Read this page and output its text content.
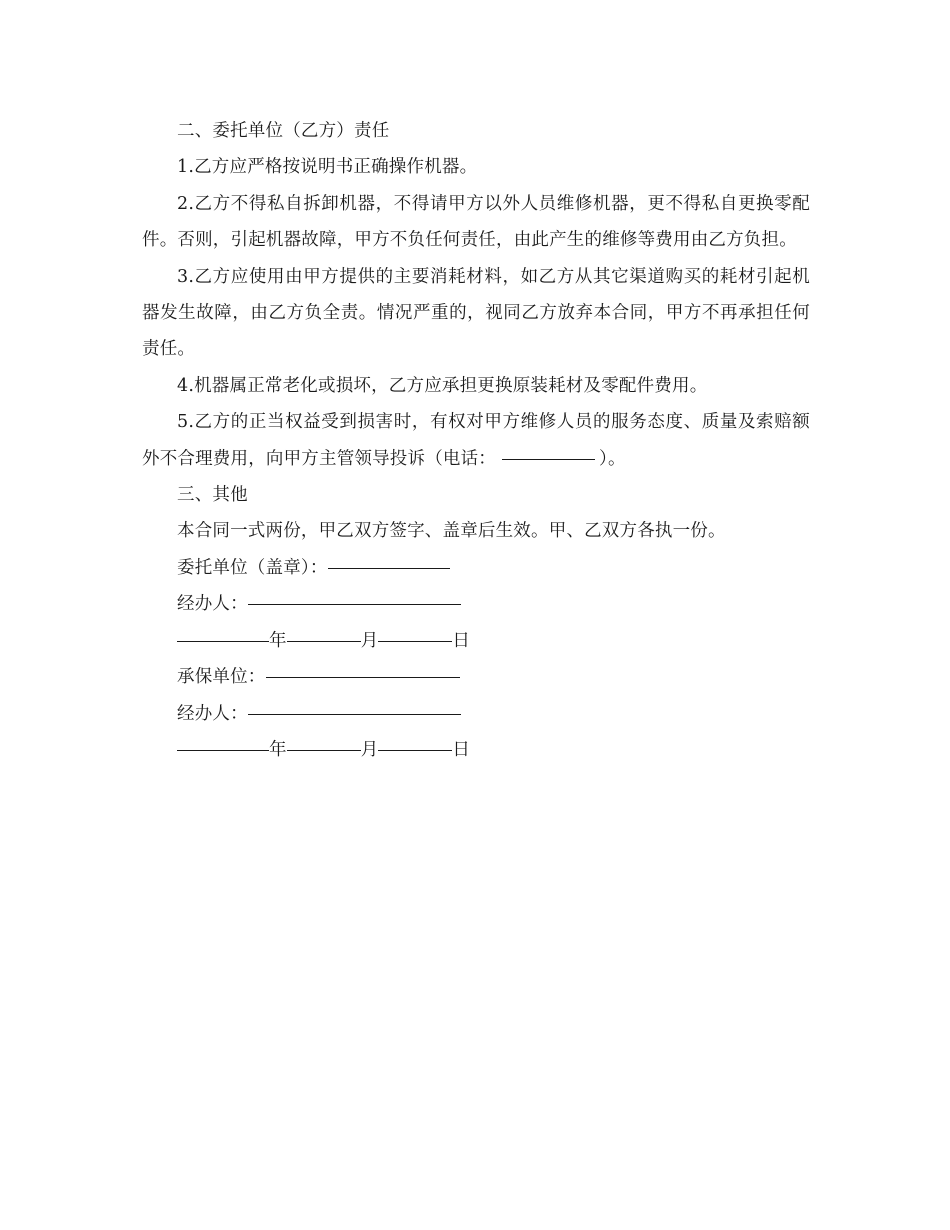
二、委托单位（乙方）责任

1.乙方应严格按说明书正确操作机器。

2.乙方不得私自拆卸机器，不得请甲方以外人员维修机器，更不得私自更换零配件。否则，引起机器故障，甲方不负任何责任，由此产生的维修等费用由乙方负担。

3.乙方应使用由甲方提供的主要消耗材料，如乙方从其它渠道购买的耗材引起机器发生故障，由乙方负全责。情况严重的，视同乙方放弃本合同，甲方不再承担任何责任。

4.机器属正常老化或损坏，乙方应承担更换原装耗材及零配件费用。

5.乙方的正当权益受到损害时，有权对甲方维修人员的服务态度、质量及索赔额外不合理费用，向甲方主管领导投诉（电话：	）。

三、其他

本合同一式两份，甲乙双方签字、盖章后生效。甲、乙双方各执一份。

委托单位（盖章）：

经办人：

年	月	日

承保单位：

经办人：

年	月	日
